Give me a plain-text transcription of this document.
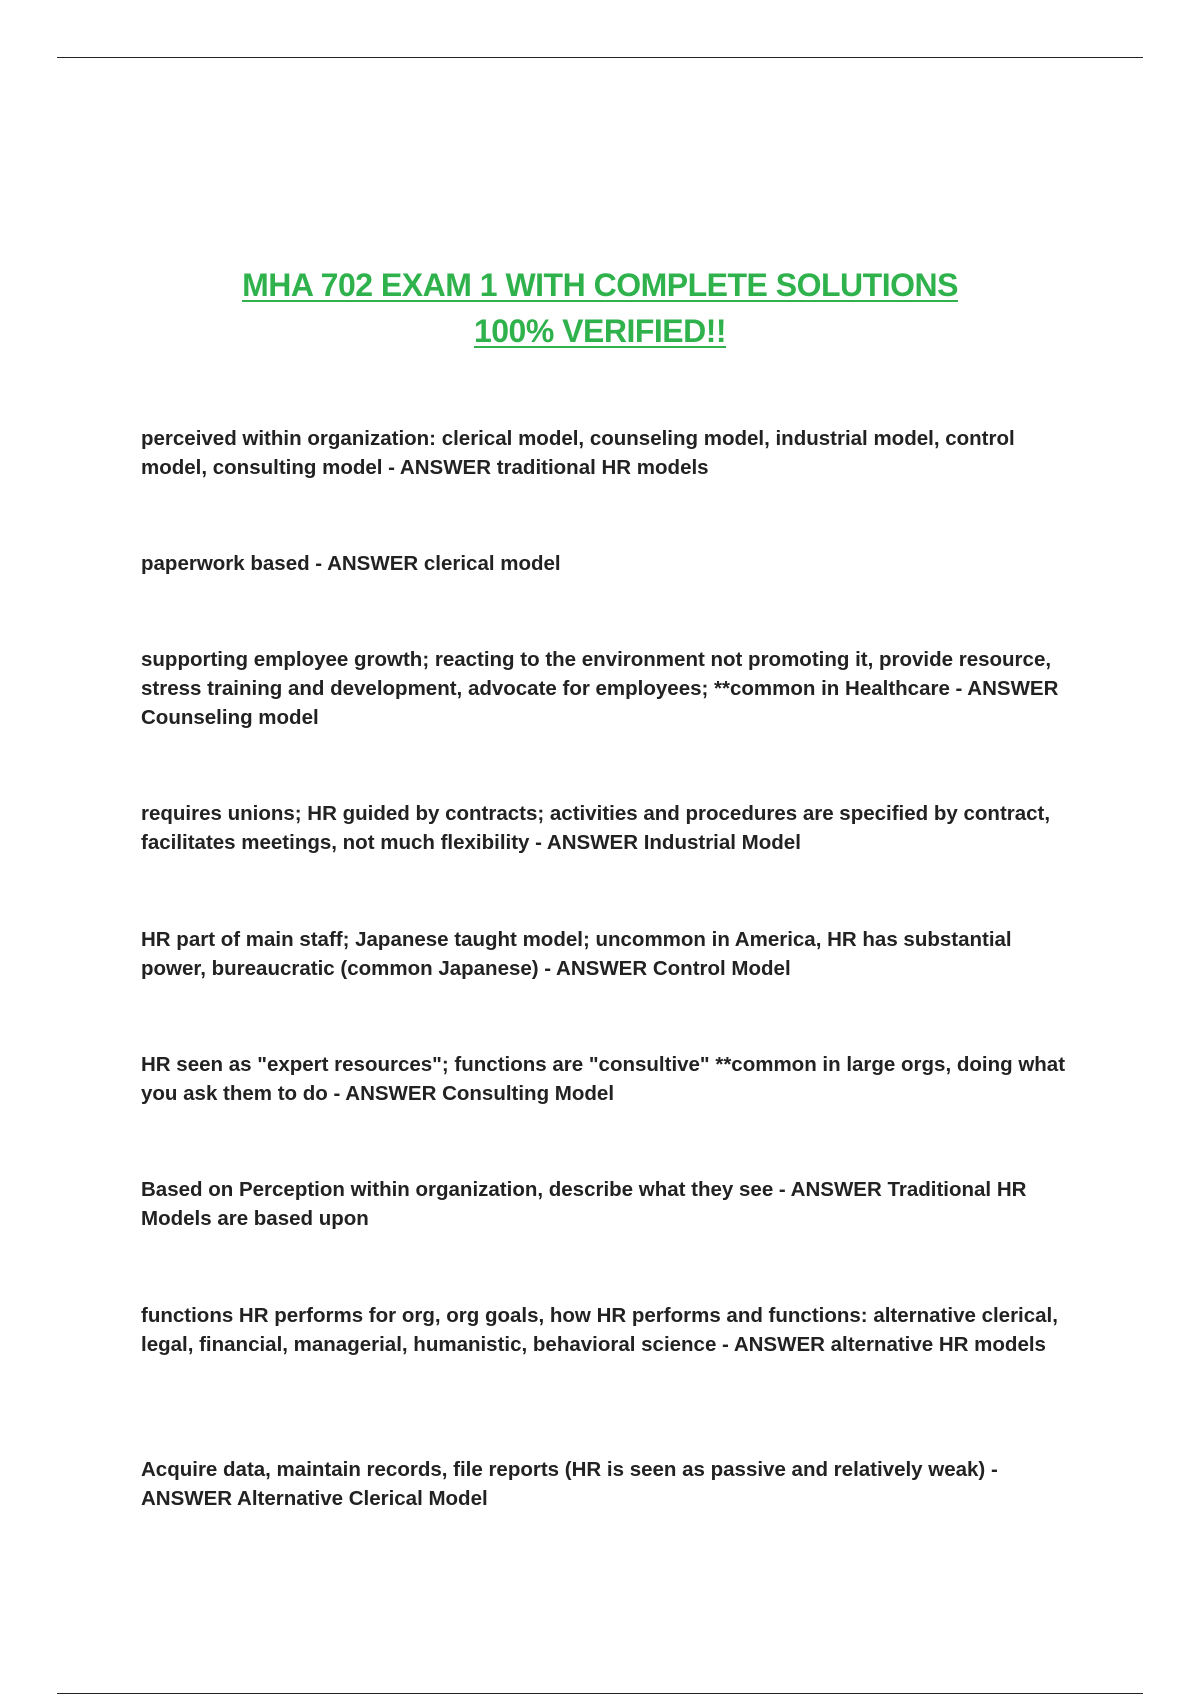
MHA 702 EXAM 1 WITH COMPLETE SOLUTIONS
100% VERIFIED!!

perceived within organization: clerical model, counseling model, industrial model, control model, consulting model - ANSWER traditional HR models

paperwork based - ANSWER clerical model

supporting employee growth; reacting to the environment not promoting it, provide resource, stress training and development, advocate for employees; **common in Healthcare - ANSWER Counseling model

requires unions; HR guided by contracts; activities and procedures are specified by contract, facilitates meetings, not much flexibility - ANSWER Industrial Model

HR part of main staff; Japanese taught model; uncommon in America, HR has substantial power, bureaucratic (common Japanese) - ANSWER Control Model

HR seen as "expert resources"; functions are "consultive" **common in large orgs, doing what you ask them to do - ANSWER Consulting Model

Based on Perception within organization, describe what they see - ANSWER Traditional HR Models are based upon

functions HR performs for org, org goals, how HR performs and functions: alternative clerical, legal, financial, managerial, humanistic, behavioral science - ANSWER alternative HR models

Acquire data, maintain records, file reports (HR is seen as passive and relatively weak) - ANSWER Alternative Clerical Model
